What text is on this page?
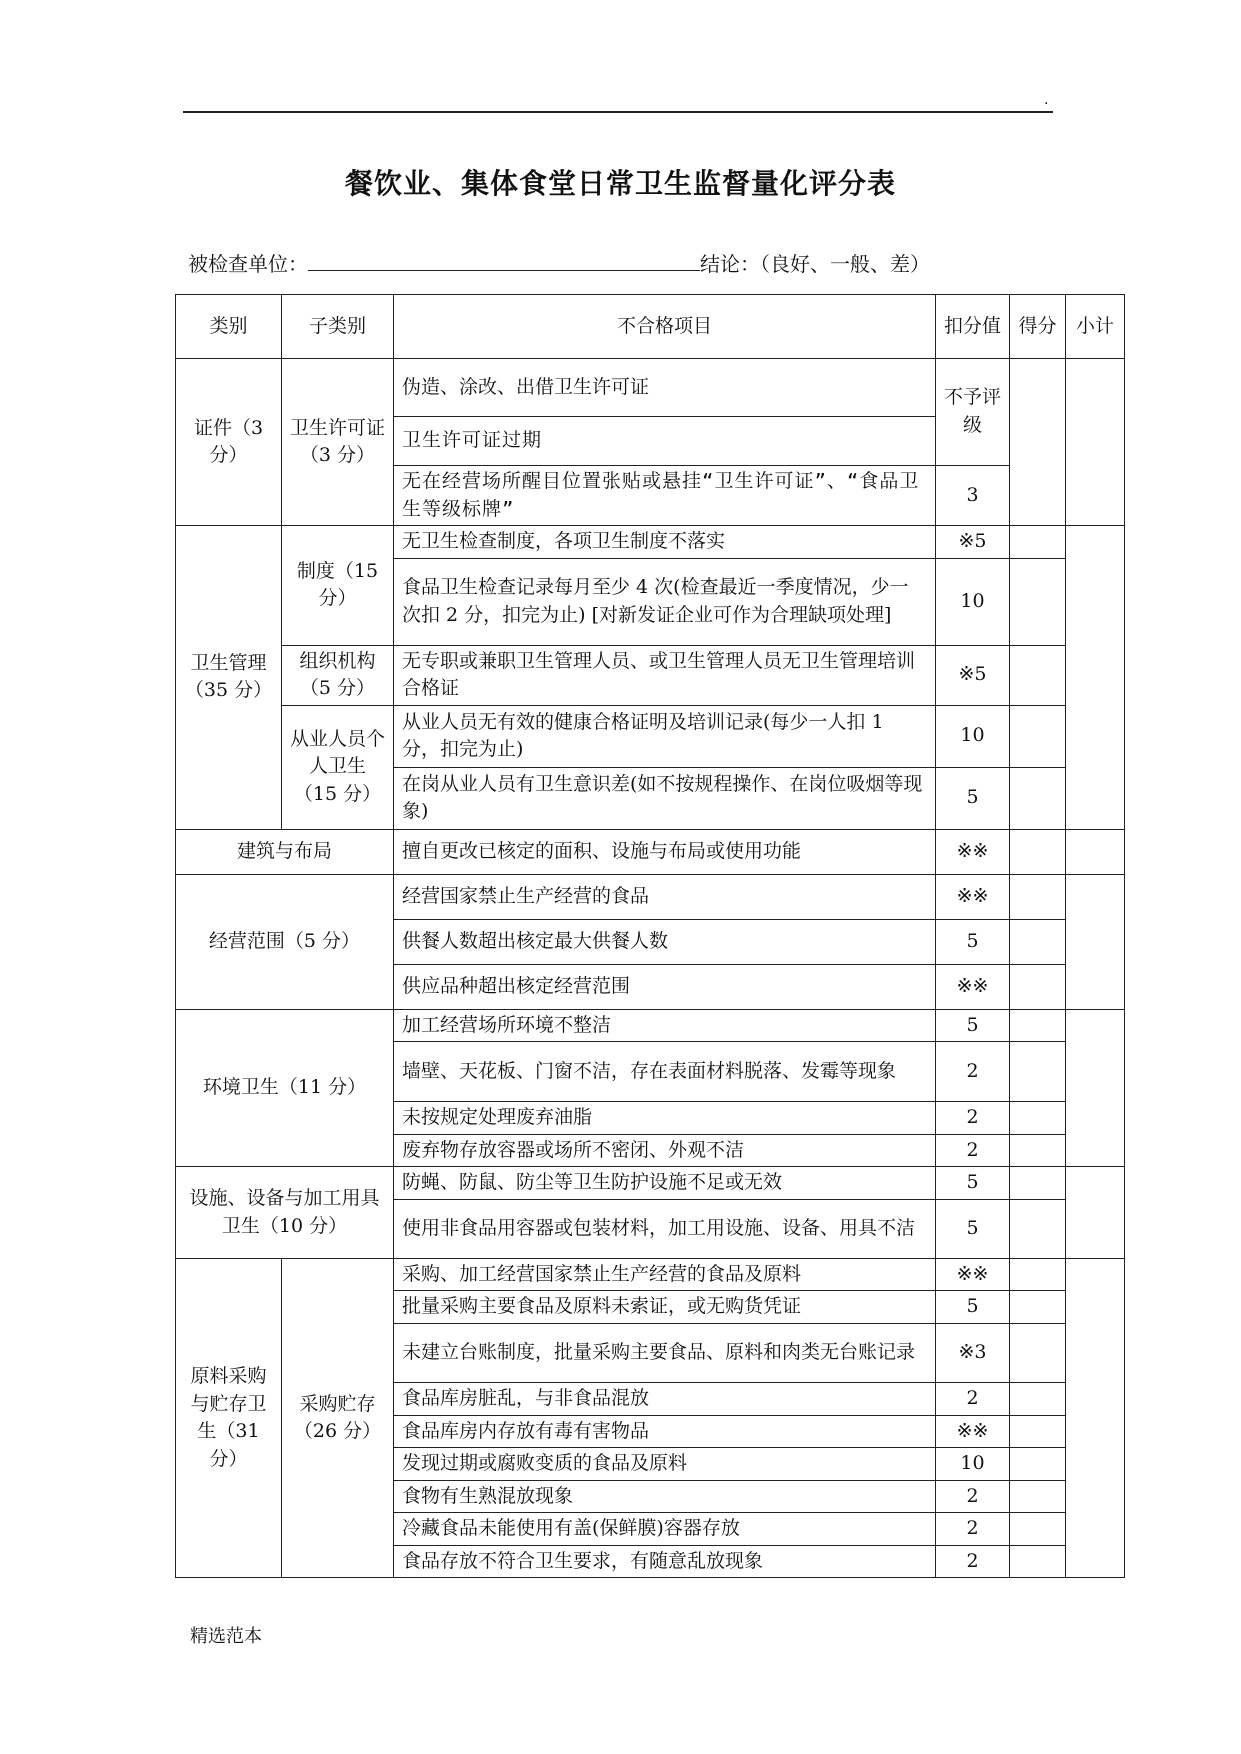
.
餐饮业、集体食堂日常卫生监督量化评分表
被检查单位：	结论：（良好、一般、差）
类别	子类别	不合格项目	扣分值	得分	小计
证件（3 分）	卫生许可证（3 分）	伪造、涂改、出借卫生许可证	不予评级		
		卫生许可证过期			
		无在经营场所醒目位置张贴或悬挂“卫生许可证”、“食品卫生等级标牌”	3		
卫生管理（35 分）	制度（15 分）	无卫生检查制度，各项卫生制度不落实	※5		
		食品卫生检查记录每月至少 4 次(检查最近一季度情况，少一次扣 2 分，扣完为止) [对新发证企业可作为合理缺项处理]	10		
	组织机构（5 分）	无专职或兼职卫生管理人员、或卫生管理人员无卫生管理培训合格证	※5		
	从业人员个人卫生（15 分）	从业人员无有效的健康合格证明及培训记录(每少一人扣 1 分，扣完为止)	10		
		在岗从业人员有卫生意识差(如不按规程操作、在岗位吸烟等现象)	5		
建筑与布局		擅自更改已核定的面积、设施与布局或使用功能	※※		
经营范围（5 分）		经营国家禁止生产经营的食品	※※		
		供餐人数超出核定最大供餐人数	5		
		供应品种超出核定经营范围	※※		
环境卫生（11 分）		加工经营场所环境不整洁	5		
		墙壁、天花板、门窗不洁，存在表面材料脱落、发霉等现象	2		
		未按规定处理废弃油脂	2		
		废弃物存放容器或场所不密闭、外观不洁	2		
设施、设备与加工用具卫生（10 分）		防蝇、防鼠、防尘等卫生防护设施不足或无效	5		
		使用非食品用容器或包装材料，加工用设施、设备、用具不洁	5		
原料采购与贮存卫生（31 分）	采购贮存（26 分）	采购、加工经营国家禁止生产经营的食品及原料	※※		
		批量采购主要食品及原料未索证，或无购货凭证	5		
		未建立台账制度，批量采购主要食品、原料和肉类无台账记录	※3		
		食品库房脏乱，与非食品混放	2		
		食品库房内存放有毒有害物品	※※		
		发现过期或腐败变质的食品及原料	10		
		食物有生熟混放现象	2		
		冷藏食品未能使用有盖(保鲜膜)容器存放	2		
		食品存放不符合卫生要求，有随意乱放现象	2		
精选范本
